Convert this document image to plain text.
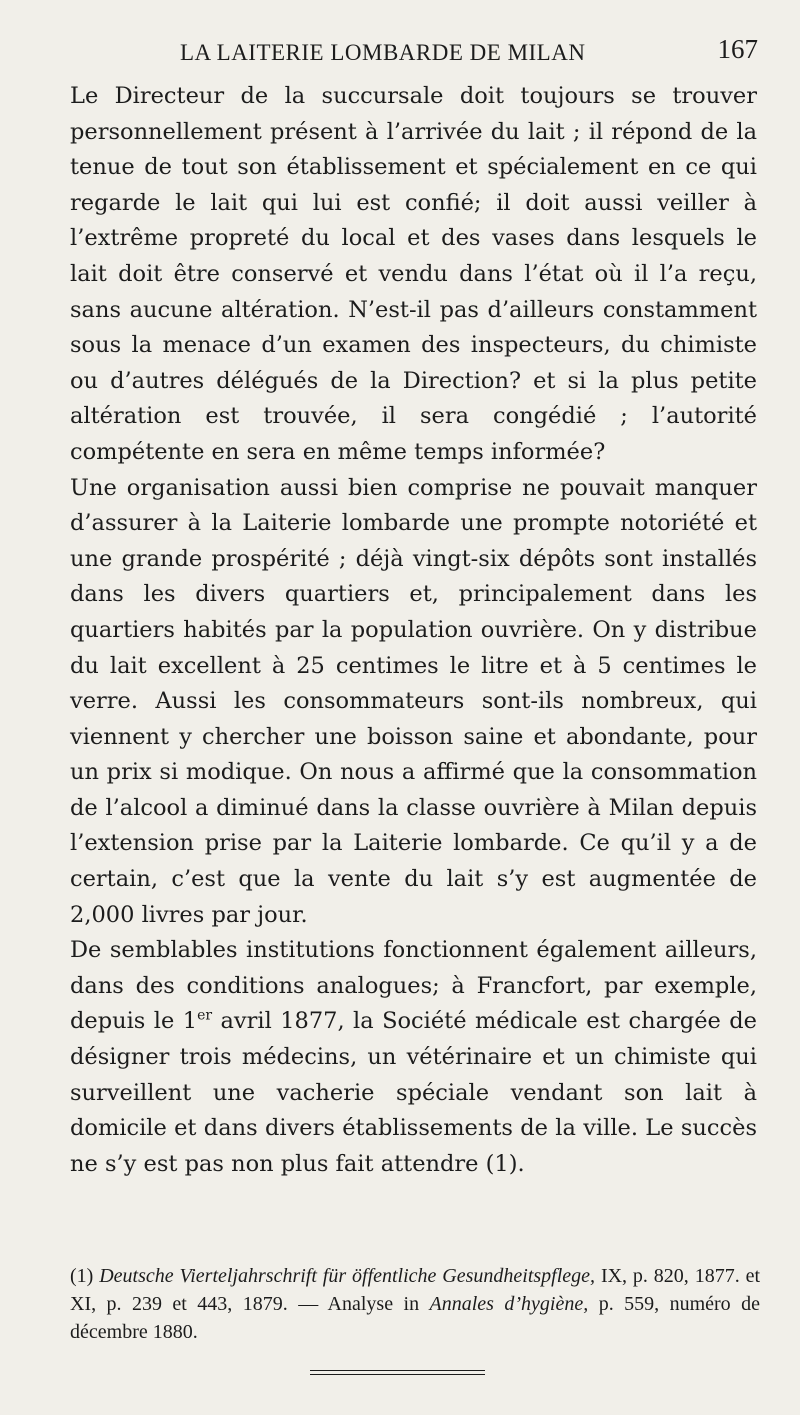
LA LAITERIE LOMBARDE DE MILAN	167

Le Directeur de la succursale doit toujours se trouver personnellement présent à l’arrivée du lait ; il répond de la tenue de tout son établissement et spécialement en ce qui regarde le lait qui lui est confié; il doit aussi veiller à l’extrême propreté du local et des vases dans lesquels le lait doit être conservé et vendu dans l’état où il l’a reçu, sans aucune altération. N’est-il pas d’ailleurs constamment sous la menace d’un examen des inspecteurs, du chimiste ou d’autres délégués de la Direction? et si la plus petite altération est trouvée, il sera congédié ; l’autorité compétente en sera en même temps informée?

Une organisation aussi bien comprise ne pouvait manquer d’assurer à la Laiterie lombarde une prompte notoriété et une grande prospérité ; déjà vingt-six dépôts sont installés dans les divers quartiers et, principalement dans les quartiers habités par la population ouvrière. On y distribue du lait excellent à 25 centimes le litre et à 5 centimes le verre. Aussi les consommateurs sont-ils nombreux, qui viennent y chercher une boisson saine et abondante, pour un prix si modique. On nous a affirmé que la consommation de l’alcool a diminué dans la classe ouvrière à Milan depuis l’extension prise par la Laiterie lombarde. Ce qu’il y a de certain, c’est que la vente du lait s’y est augmentée de 2,000 livres par jour.

De semblables institutions fonctionnent également ailleurs, dans des conditions analogues; à Francfort, par exemple, depuis le 1er avril 1877, la Société médicale est chargée de désigner trois médecins, un vétérinaire et un chimiste qui surveillent une vacherie spéciale vendant son lait à domicile et dans divers établissements de la ville. Le succès ne s’y est pas non plus fait attendre (1).

(1) Deutsche Vierteljahrschrift für öffentliche Gesundheitspflege, IX, p. 820, 1877. et XI, p. 239 et 443, 1879. — Analyse in Annales d’hygiène, p. 559, numéro de décembre 1880.
